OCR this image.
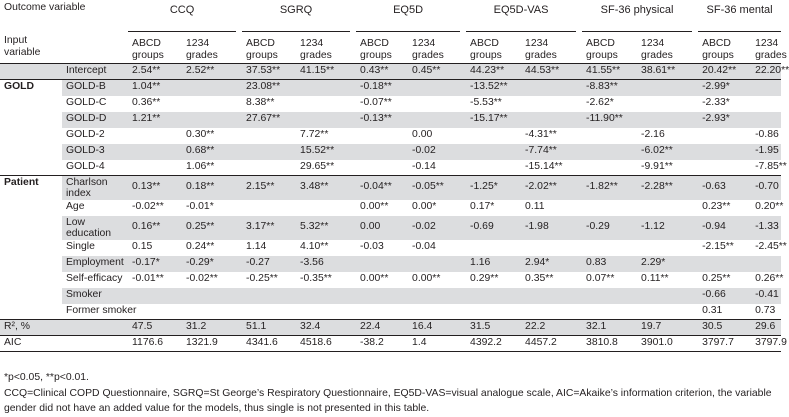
Outcome variable			CCQ			SGRQ			EQ5D			EQ5D-VAS			SF-36 physical			SF-36 mental		
Input variable			ABCD groups	1234 grades		ABCD groups	1234 grades		ABCD groups	1234 grades		ABCD groups	1234 grades		ABCD groups	1234 grades		ABCD groups	1234 grades	
		Intercept	2.54**	2.52**		37.53**	41.15**		0.43**	0.45**		44.23**	44.53**		41.55**	38.61**		20.42**	22.20**	
GOLD		GOLD-B	1.04**			23.08**			-0.18**			-13.52**			-8.83**			-2.99*		
		GOLD-C	0.36**			8.38**			-0.07**			-5.53**			-2.62*			-2.33*		
		GOLD-D	1.21**			27.67**			-0.13**			-15.17**			-11.90**			-2.93*		
		GOLD-2		0.30**			7.72**			0.00			-4.31**			-2.16			-0.86	
		GOLD-3		0.68**			15.52**			-0.02			-7.74**			-6.02**			-1.95	
		GOLD-4		1.06**			29.65**			-0.14			-15.14**			-9.91**			-7.85**	
Patient		Charlson index	0.13**	0.18**		2.15**	3.48**		-0.04**	-0.05**		-1.25*	-2.02**		-1.82**	-2.28**		-0.63	-0.70	
		Age	-0.02**	-0.01*					0.00**	0.00*		0.17*	0.11					0.23**	0.20**	
		Low education	0.16**	0.25**		3.17**	5.32**		0.00	-0.02		-0.69	-1.98		-0.29	-1.12		-0.94	-1.33	
		Single	0.15	0.24**		1.14	4.10**		-0.03	-0.04								-2.15**	-2.45**	
		Employment	-0.17*	-0.29*		-0.27	-3.56					1.16	2.94*		0.83	2.29*				
		Self-efficacy	-0.01**	-0.02**		-0.25**	-0.35**		0.00**	0.00**		0.29**	0.35**		0.07**	0.11**		0.25**	0.26**	
		Smoker																-0.66	-0.41	
		Former smoker																0.31	0.73	
R², %			47.5	31.2		51.1	32.4		22.4	16.4		31.5	22.2		32.1	19.7		30.5	29.6	
AIC			1176.6	1321.9		4341.6	4518.6		-38.2	1.4		4392.2	4457.2		3810.8	3901.0		3797.7	3797.9	
*p<0.05, **p<0.01.
CCQ=Clinical COPD Questionnaire, SGRQ=St George’s Respiratory Questionnaire, EQ5D-VAS=visual analogue scale, AIC=Akaike’s information criterion, the variable
gender did not have an added value for the models, thus single is not presented in this table.
